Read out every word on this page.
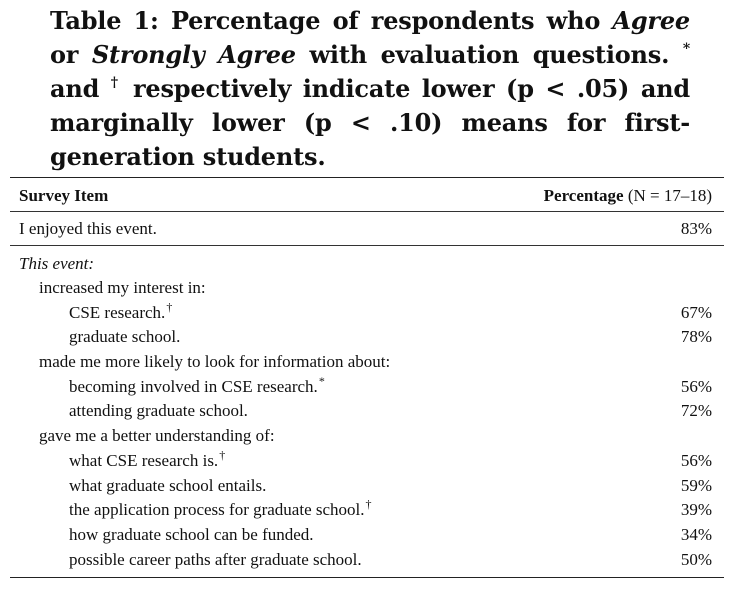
Table 1: Percentage of respondents who Agree or Strongly Agree with evaluation questions. * and † respectively indicate lower (p < .05) and marginally lower (p < .10) means for first-generation students.
Survey Item	Percentage (N = 17–18)
I enjoyed this event.	83%
This event:
increased my interest in:
CSE research.†	67%
graduate school.	78%
made me more likely to look for information about:
becoming involved in CSE research.*	56%
attending graduate school.	72%
gave me a better understanding of:
what CSE research is.†	56%
what graduate school entails.	59%
the application process for graduate school.†	39%
how graduate school can be funded.	34%
possible career paths after graduate school.	50%
